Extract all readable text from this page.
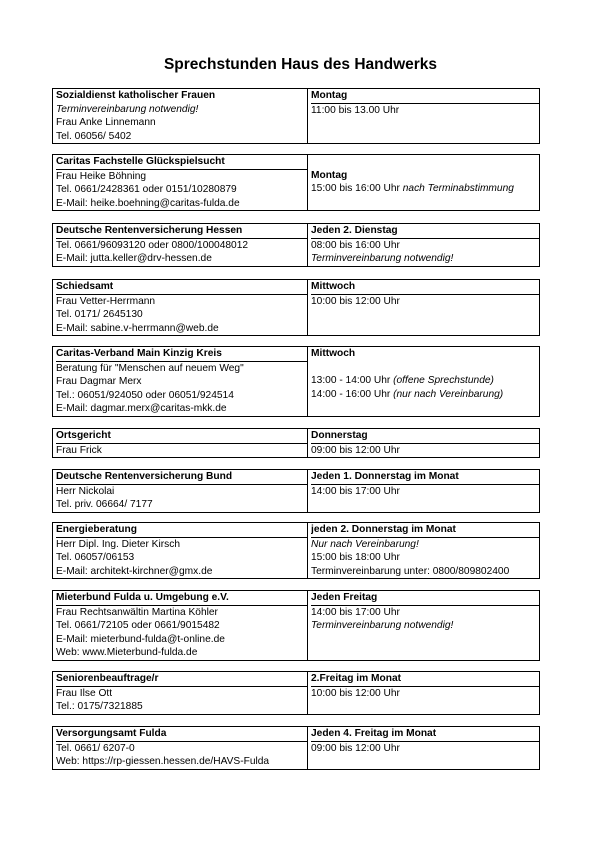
Sprechstunden Haus des Handwerks
Sozialdienst katholischer Frauen
Terminvereinbarung notwendig!
Frau Anke Linnemann
Tel. 06056/ 5402
Montag
11:00 bis 13.00 Uhr
Caritas Fachstelle Glückspielsucht
Frau Heike Böhning
Tel. 0661/2428361 oder 0151/10280879
E-Mail: heike.boehning@caritas-fulda.de
Montag
15:00 bis 16:00 Uhr nach Terminabstimmung
Deutsche Rentenversicherung Hessen
Tel. 0661/96093120 oder 0800/100048012
E-Mail: jutta.keller@drv-hessen.de
Jeden 2. Dienstag
08:00 bis 16:00 Uhr
Terminvereinbarung notwendig!
Schiedsamt
Frau Vetter-Herrmann
Tel. 0171/ 2645130
E-Mail: sabine.v-herrmann@web.de
Mittwoch
10:00 bis 12:00 Uhr
Caritas-Verband Main Kinzig Kreis
Beratung für "Menschen auf neuem Weg"
Frau Dagmar Merx
Tel.: 06051/924050 oder 06051/924514
E-Mail: dagmar.merx@caritas-mkk.de
Mittwoch
13:00 - 14:00 Uhr (offene Sprechstunde)
14:00 - 16:00 Uhr (nur nach Vereinbarung)
Ortsgericht
Frau Frick
Donnerstag
09:00 bis 12:00 Uhr
Deutsche Rentenversicherung Bund
Herr Nickolai
Tel. priv. 06664/ 7177
Jeden 1. Donnerstag im Monat
14:00 bis 17:00 Uhr
Energieberatung
Herr Dipl. Ing. Dieter Kirsch
Tel. 06057/06153
E-Mail: architekt-kirchner@gmx.de
jeden 2. Donnerstag im Monat
Nur nach Vereinbarung!
15:00 bis 18:00 Uhr
Terminvereinbarung unter: 0800/809802400
Mieterbund Fulda u. Umgebung e.V.
Frau Rechtsanwältin Martina Köhler
Tel. 0661/72105 oder 0661/9015482
E-Mail: mieterbund-fulda@t-online.de
Web: www.Mieterbund-fulda.de
Jeden Freitag
14:00 bis 17:00 Uhr
Terminvereinbarung notwendig!
Seniorenbeauftrage/r
Frau Ilse Ott
Tel.: 0175/7321885
2.Freitag im Monat
10:00 bis 12:00 Uhr
Versorgungsamt Fulda
Tel. 0661/ 6207-0
Web: https://rp-giessen.hessen.de/HAVS-Fulda
Jeden 4. Freitag im Monat
09:00 bis 12:00 Uhr
